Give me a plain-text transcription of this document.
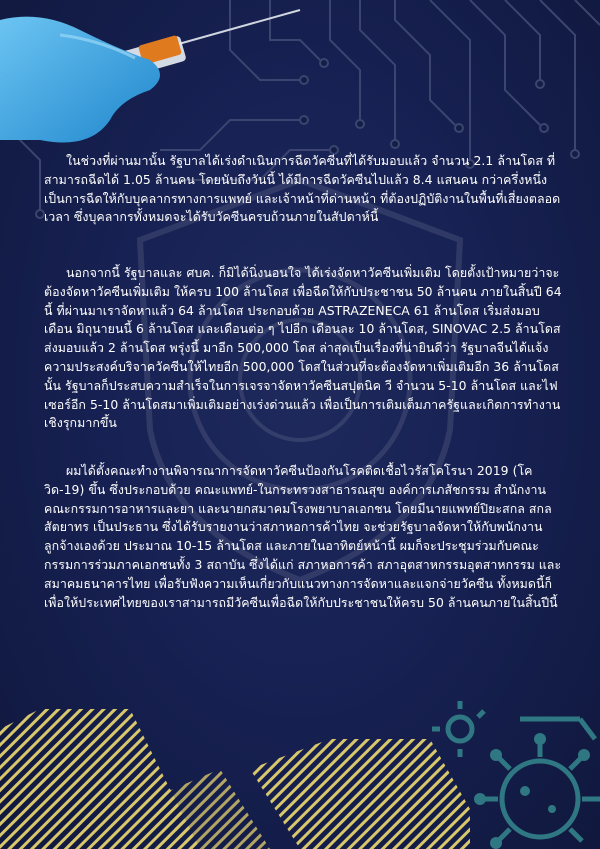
ในช่วงที่ผ่านมานั้น รัฐบาลได้เร่งดำเนินการฉีดวัคซีนที่ได้รับมอบแล้ว จำนวน 2.1 ล้านโดส ที่สามารถฉีดได้ 1.05 ล้านคน โดยนับถึงวันนี้ ได้มีการฉีดวัคซีนไปแล้ว 8.4 แสนคน กว่าครึ่งหนึ่ง เป็นการฉีดให้กับบุคลากรทางการแพทย์ และเจ้าหน้าที่ด่านหน้า ที่ต้องปฏิบัติงานในพื้นที่เสี่ยงตลอดเวลา ซึ่งบุคลากรทั้งหมดจะได้รับวัคซีนครบถ้วนภายในสัปดาห์นี้

นอกจากนี้ รัฐบาลและ ศบค. ก็มิได้นิ่งนอนใจ ได้เร่งจัดหาวัคซีนเพิ่มเติม โดยตั้งเป้าหมายว่าจะต้องจัดหาวัคซีนเพิ่มเติม ให้ครบ 100 ล้านโดส เพื่อฉีดให้กับประชาชน 50 ล้านคน ภายในสิ้นปี 64 นี้ ที่ผ่านมาเราจัดหาแล้ว 64 ล้านโดส ประกอบด้วย ASTRAZENECA 61 ล้านโดส เริ่มส่งมอบเดือน มิถุนายนนี้ 6 ล้านโดส และเดือนต่อ ๆ ไปอีก เดือนละ 10 ล้านโดส, SINOVAC 2.5 ล้านโดส ส่งมอบแล้ว 2 ล้านโดส พรุ่งนี้ มาอีก 500,000 โดส ล่าสุดเป็นเรื่องที่น่ายินดีว่า รัฐบาลจีนได้แจ้งความประสงค์บริจาควัคซีนให้ไทยอีก 500,000 โดสในส่วนที่จะต้องจัดหาเพิ่มเติมอีก 36 ล้านโดส นั้น รัฐบาลก็ประสบความสำเร็จในการเจรจาจัดหาวัคซีนสปุตนิค วี จำนวน 5-10 ล้านโดส และไฟเซอร์อีก 5-10 ล้านโดสมาเพิ่มเติมอย่างเร่งด่วนแล้ว เพื่อเป็นการเติมเต็มภาครัฐและเกิดการทำงานเชิงรุกมากขึ้น

ผมได้ตั้งคณะทำงานพิจารณาการจัดหาวัคซีนป้องกันโรคติดเชื้อไวรัสโคโรนา 2019 (โควิด-19) ขึ้น ซึ่งประกอบด้วย คณะแพทย์-ในกระทรวงสาธารณสุข องค์การเภสัชกรรม สำนักงานคณะกรรมการอาหารและยา และนายกสมาคมโรงพยาบาลเอกชน โดยมีนายแพทย์ปิยะสกล สกลสัตยาทร เป็นประธาน ซึ่งได้รับรายงานว่าสภาหอการค้าไทย จะช่วยรัฐบาลจัดหาให้กับพนักงานลูกจ้างเองด้วย ประมาณ 10-15 ล้านโดส และภายในอาทิตย์หน้านี้ ผมก็จะประชุมร่วมกับคณะกรรมการร่วมภาคเอกชนทั้ง 3 สถาบัน ซึ่งได้แก่ สภาหอการค้า สภาอุตสาหกรรมอุตสาหกรรม และสมาคมธนาคารไทย เพื่อรับฟังความเห็นเกี่ยวกับแนวทางการจัดหาและแจกจ่ายวัคซีน ทั้งหมดนี้ก็เพื่อให้ประเทศไทยของเราสามารถมีวัคซีนเพื่อฉีดให้กับประชาชนให้ครบ 50 ล้านคนภายในสิ้นปีนี้
